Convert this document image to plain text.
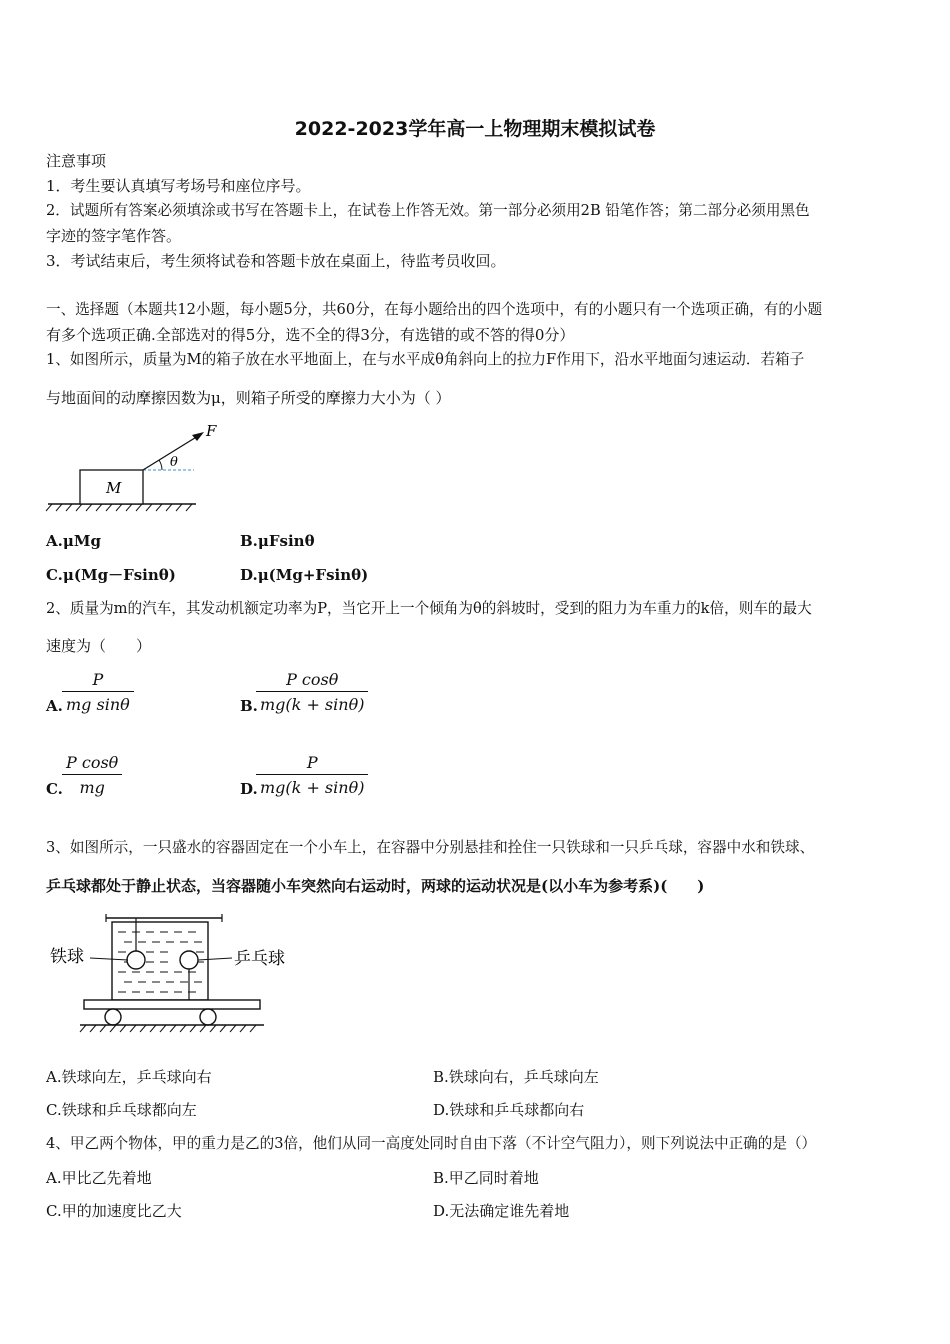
2022-2023学年高一上物理期末模拟试卷
注意事项
1．考生要认真填写考场号和座位序号。
2．试题所有答案必须填涂或书写在答题卡上，在试卷上作答无效。第一部分必须用2B 铅笔作答；第二部分必须用黑色
字迹的签字笔作答。
3．考试结束后，考生须将试卷和答题卡放在桌面上，待监考员收回。
一、选择题（本题共12小题，每小题5分，共60分，在每小题给出的四个选项中，有的小题只有一个选项正确，有的小题
有多个选项正确.全部选对的得5分，选不全的得3分，有选错的或不答的得0分）
1、如图所示，质量为M的箱子放在水平地面上，在与水平成θ角斜向上的拉力F作用下，沿水平地面匀速运动．若箱子
与地面间的动摩擦因数为μ，则箱子所受的摩擦力大小为（ ）
M
θ
F
A.μMg	B.μFsinθ
C.μ(Mg－Fsinθ)	D.μ(Mg+Fsinθ)
2、质量为m的汽车，其发动机额定功率为P，当它开上一个倾角为θ的斜坡时，受到的阻力为车重力的k倍，则车的最大
速度为（　　）
A. $\frac{P}{\text{mg sinθ}}$	B.
$\frac{\text{P cosθ}}{mg(k + \sin\theta)}$
C. $\frac{\text{P cosθ}}{mg}$	D.
$\frac{P}{mg(k + \sin\theta)}$
3、如图所示，一只盛水的容器固定在一个小车上，在容器中分别悬挂和拴住一只铁球和一只乒乓球，容器中水和铁球、
乒乓球都处于静止状态，当容器随小车突然向右运动时，两球的运动状况是(以小车为参考系)(　　)
铁球	乒乓球
A.铁球向左，乒乓球向右	B.铁球向右，乒乓球向左
C.铁球和乒乓球都向左	D.铁球和乒乓球都向右
4、甲乙两个物体，甲的重力是乙的3倍，他们从同一高度处同时自由下落（不计空气阻力），则下列说法中正确的是（）
A.甲比乙先着地	B.甲乙同时着地
C.甲的加速度比乙大	D.无法确定谁先着地
